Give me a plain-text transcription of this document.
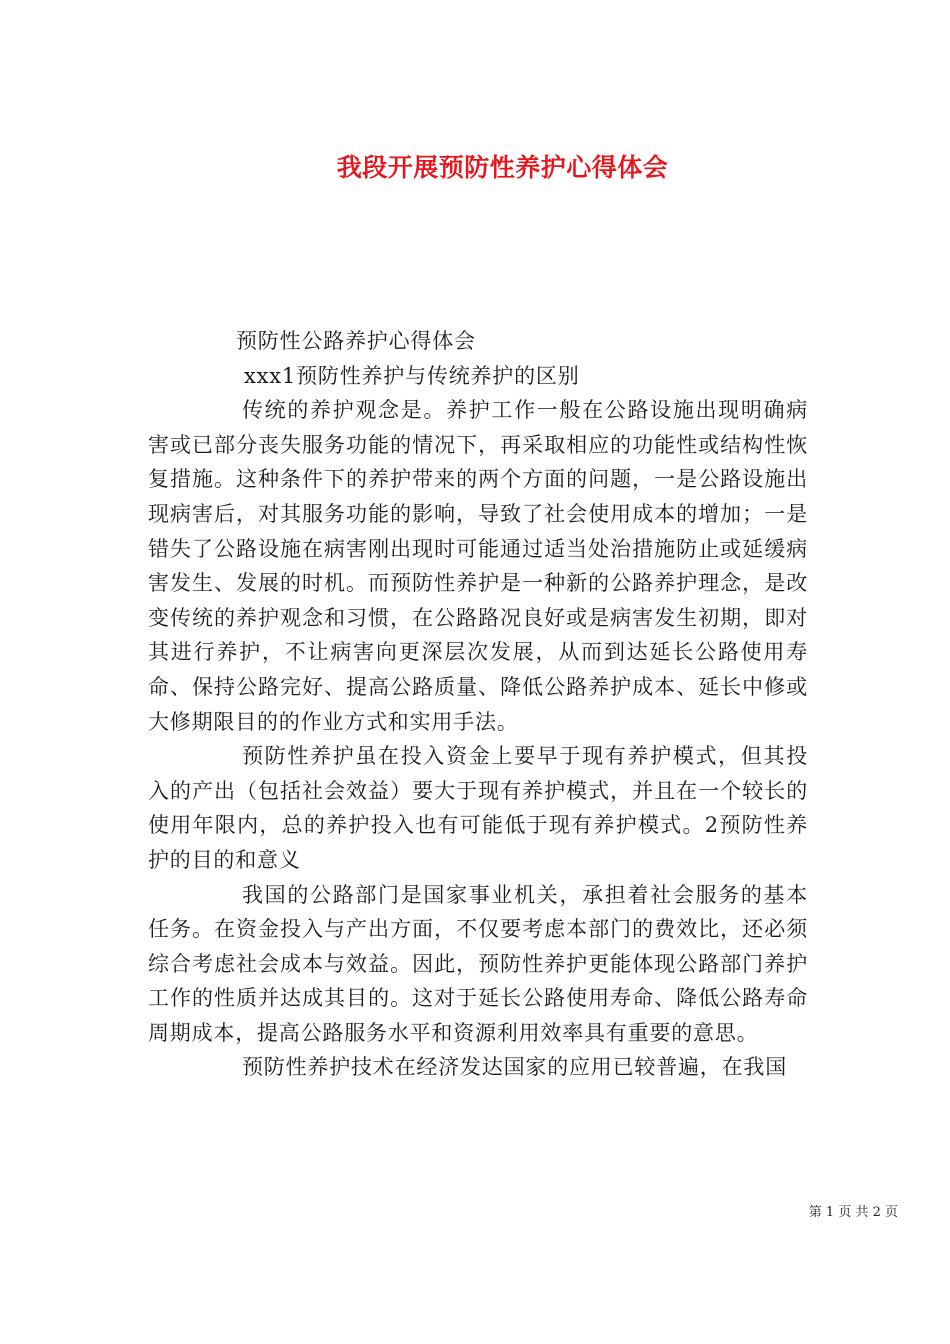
我段开展预防性养护心得体会

预防性公路养护心得体会

xxx1预防性养护与传统养护的区别

传统的养护观念是。养护工作一般在公路设施出现明确病害或已部分丧失服务功能的情况下，再采取相应的功能性或结构性恢复措施。这种条件下的养护带来的两个方面的问题，一是公路设施出现病害后，对其服务功能的影响，导致了社会使用成本的增加；一是错失了公路设施在病害刚出现时可能通过适当处治措施防止或延缓病害发生、发展的时机。而预防性养护是一种新的公路养护理念，是改变传统的养护观念和习惯，在公路路况良好或是病害发生初期，即对其进行养护，不让病害向更深层次发展，从而到达延长公路使用寿命、保持公路完好、提高公路质量、降低公路养护成本、延长中修或大修期限目的的作业方式和实用手法。

预防性养护虽在投入资金上要早于现有养护模式，但其投入的产出（包括社会效益）要大于现有养护模式，并且在一个较长的使用年限内，总的养护投入也有可能低于现有养护模式。2预防性养护的目的和意义

我国的公路部门是国家事业机关，承担着社会服务的基本任务。在资金投入与产出方面，不仅要考虑本部门的费效比，还必须综合考虑社会成本与效益。因此，预防性养护更能体现公路部门养护工作的性质并达成其目的。这对于延长公路使用寿命、降低公路寿命周期成本，提高公路服务水平和资源利用效率具有重要的意思。

预防性养护技术在经济发达国家的应用已较普遍，在我国

第 1 页 共 2 页
